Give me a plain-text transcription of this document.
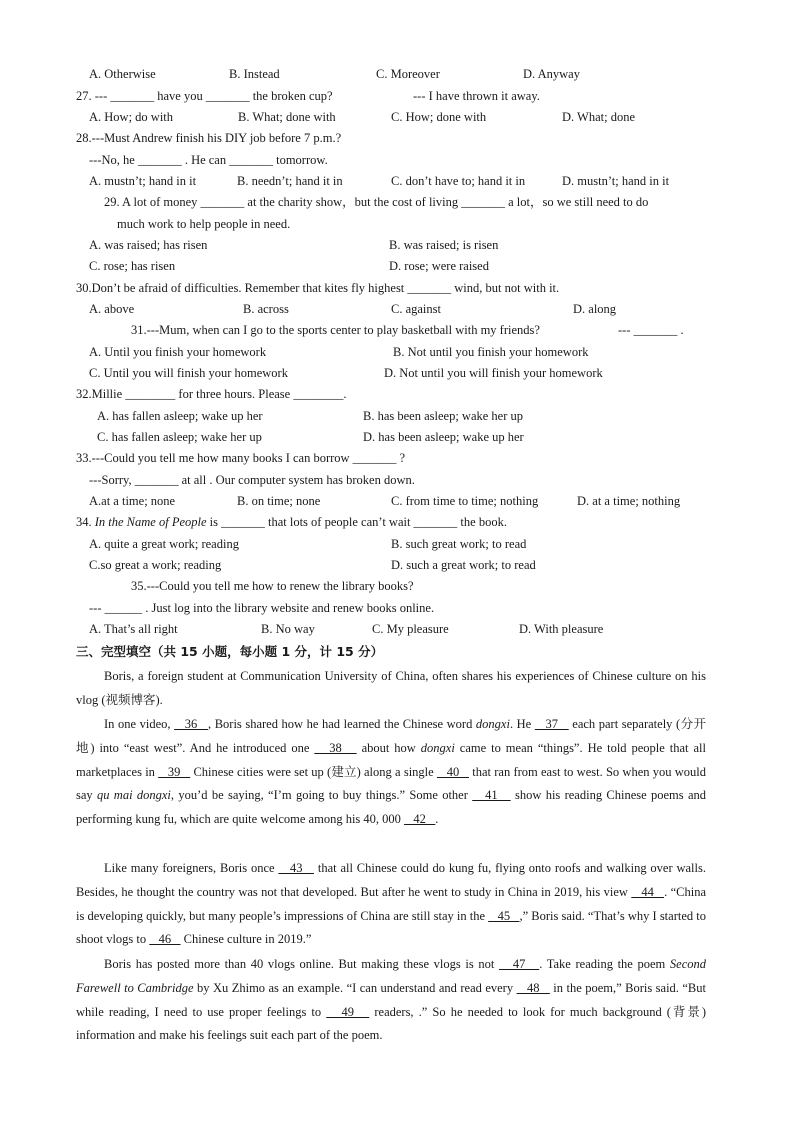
A. Otherwise	B. Instead	C. Moreover	D. Anyway
27. --- _______ have you _______ the broken cup?	--- I have thrown it away.
A. How; do with	B. What; done with	C. How; done with	D. What; done
28.---Must Andrew finish his DIY job before 7 p.m.?
---No, he _______ . He can _______ tomorrow.
A. mustn’t; hand in it	B. needn’t; hand it in	C. don’t have to; hand it in	D. mustn’t; hand in it
29. A lot of money _______ at the charity show，but the cost of living _______ a lot，so we still need to do
much work to help people in need.
A. was raised; has risen	B. was raised; is risen
C. rose; has risen	D. rose; were raised
30.Don’t be afraid of difficulties. Remember that kites fly highest _______ wind, but not with it.
A. above	B. across	C. against	D. along
31.---Mum, when can I go to the sports center to play basketball with my friends?	--- _______ .
A. Until you finish your homework	B. Not until you finish your homework
C. Until you will finish your homework	D. Not until you will finish your homework
32.Millie ________ for three hours. Please ________.
A. has fallen asleep; wake up her	B. has been asleep; wake her up
C. has fallen asleep; wake her up	D. has been asleep; wake up her
33.---Could you tell me how many books I can borrow _______ ?
---Sorry, _______ at all . Our computer system has broken down.
A.at a time; none	B. on time; none	C. from time to time; nothing	D. at a time; nothing
34. In the Name of People is _______ that lots of people can’t wait _______ the book.
A. quite a great work; reading	B. such great work; to read
C.so great a work; reading	D. such a great work; to read
35.---Could you tell me how to renew the library books?
--- ______ . Just log into the library website and renew books online.
A. That’s all right	B. No way	C. My pleasure	D. With pleasure
三、完型填空（共 15 小题，每小题 1 分，计 15 分）
Boris, a foreign student at Communication University of China, often shares his experiences of Chinese culture on his vlog (视频博客).
In one video,    36   , Boris shared how he had learned the Chinese word dongxi. He    37    each part separately (分开地) into “east west”. And he introduced one    38    about how dongxi came to mean “things”. He told people that all marketplaces in    39    Chinese cities were set up (建立) along a single    40    that ran from east to west. So when you would say qu mai dongxi, you’d be saying, “I’m going to buy things.” Some other    41    show his reading Chinese poems and performing kung fu, which are quite welcome among his 40, 000    42   .
Like many foreigners, Boris once    43    that all Chinese could do kung fu, flying onto roofs and walking over walls. Besides, he thought the country was not that developed. But after he went to study in China in 2019, his view    44   . “China is developing quickly, but many people’s impressions of China are still stay in the    45   ,” Boris said. “That’s why I started to shoot vlogs to    46    Chinese culture in 2019.”
Boris has posted more than 40 vlogs online. But making these vlogs is not    47   . Take reading the poem Second Farewell to Cambridge by Xu Zhimo as an example. “I can understand and read every    48    in the poem,” Boris said. “But while reading, I need to use proper feelings to    49    readers, .” So he needed to look for much background (背景) information and make his feelings suit each part of the poem.
